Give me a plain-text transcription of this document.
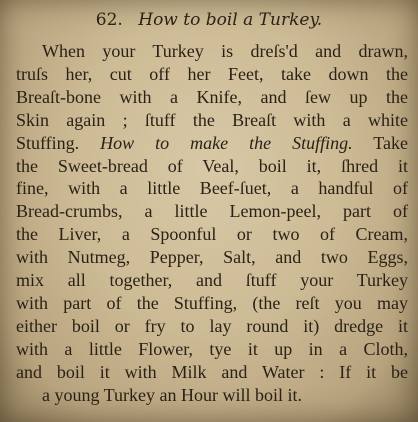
62. How to boil a Turkey.
When your Turkey is dreſs'd and drawn,
truſs her, cut off her Feet, take down the
Breaſt-bone with a Knife, and ſew up the
Skin again ; ſtuff the Breaſt with a white
Stuffing. How to make the Stuffing. Take
the Sweet-bread of Veal, boil it, ſhred it
fine, with a little Beef-ſuet, a handful of
Bread-crumbs, a little Lemon-peel, part of
the Liver, a Spoonful or two of Cream,
with Nutmeg, Pepper, Salt, and two Eggs,
mix all together, and ſtuff your Turkey
with part of the Stuffing, (the reſt you may
either boil or fry to lay round it) dredge it
with a little Flower, tye it up in a Cloth,
and boil it with Milk and Water : If it be
a young Turkey an Hour will boil it.
